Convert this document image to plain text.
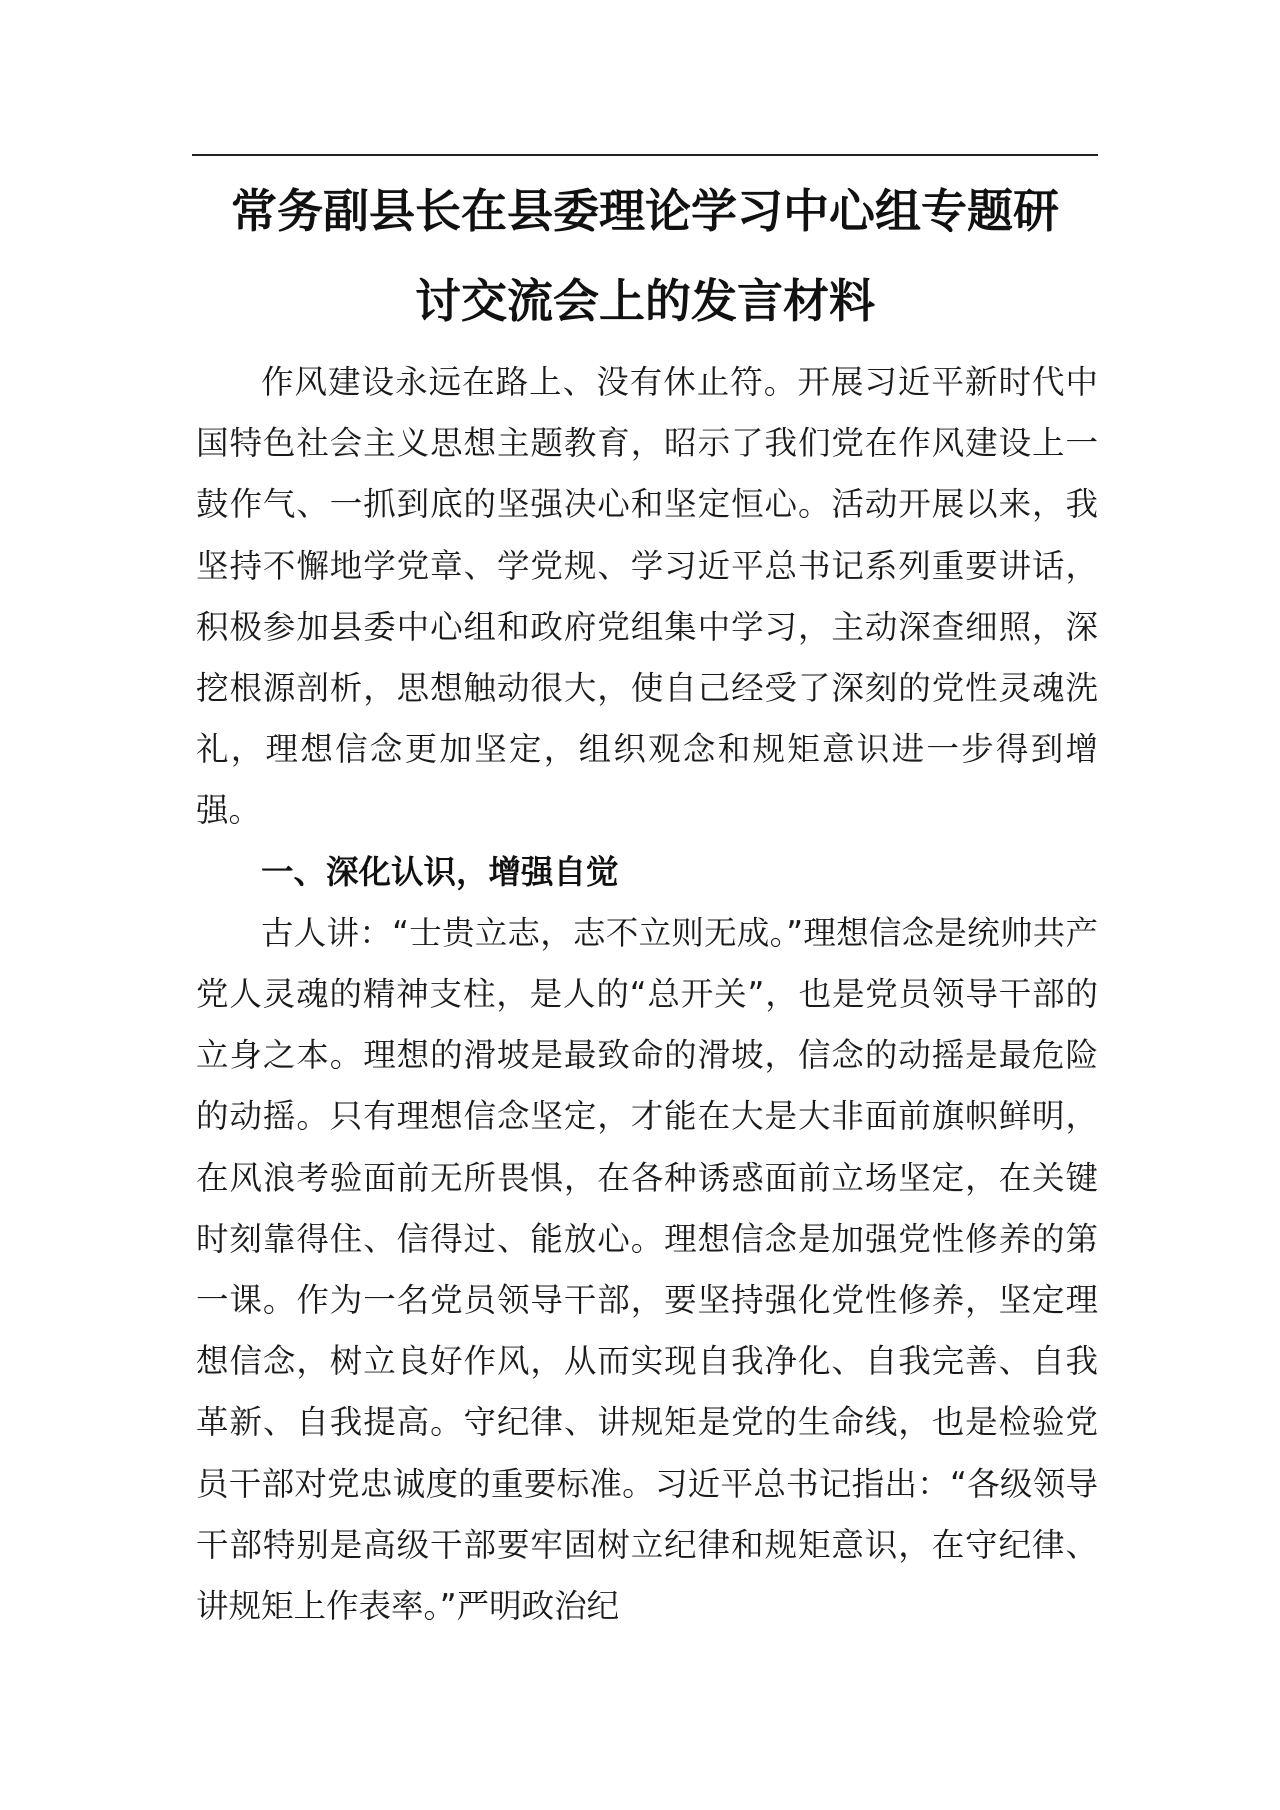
常务副县长在县委理论学习中心组专题研
讨交流会上的发言材料

作风建设永远在路上、没有休止符。开展习近平新时代中国特色社会主义思想主题教育，昭示了我们党在作风建设上一鼓作气、一抓到底的坚强决心和坚定恒心。活动开展以来，我坚持不懈地学党章、学党规、学习近平总书记系列重要讲话，积极参加县委中心组和政府党组集中学习，主动深查细照，深挖根源剖析，思想触动很大，使自己经受了深刻的党性灵魂洗礼，理想信念更加坚定，组织观念和规矩意识进一步得到增强。

一、深化认识，增强自觉

古人讲：“士贵立志，志不立则无成。”理想信念是统帅共产党人灵魂的精神支柱，是人的“总开关”，也是党员领导干部的立身之本。理想的滑坡是最致命的滑坡，信念的动摇是最危险的动摇。只有理想信念坚定，才能在大是大非面前旗帜鲜明，在风浪考验面前无所畏惧，在各种诱惑面前立场坚定，在关键时刻靠得住、信得过、能放心。理想信念是加强党性修养的第一课。作为一名党员领导干部，要坚持强化党性修养，坚定理想信念，树立良好作风，从而实现自我净化、自我完善、自我革新、自我提高。守纪律、讲规矩是党的生命线，也是检验党员干部对党忠诚度的重要标准。习近平总书记指出：“各级领导干部特别是高级干部要牢固树立纪律和规矩意识，在守纪律、讲规矩上作表率。”严明政治纪
